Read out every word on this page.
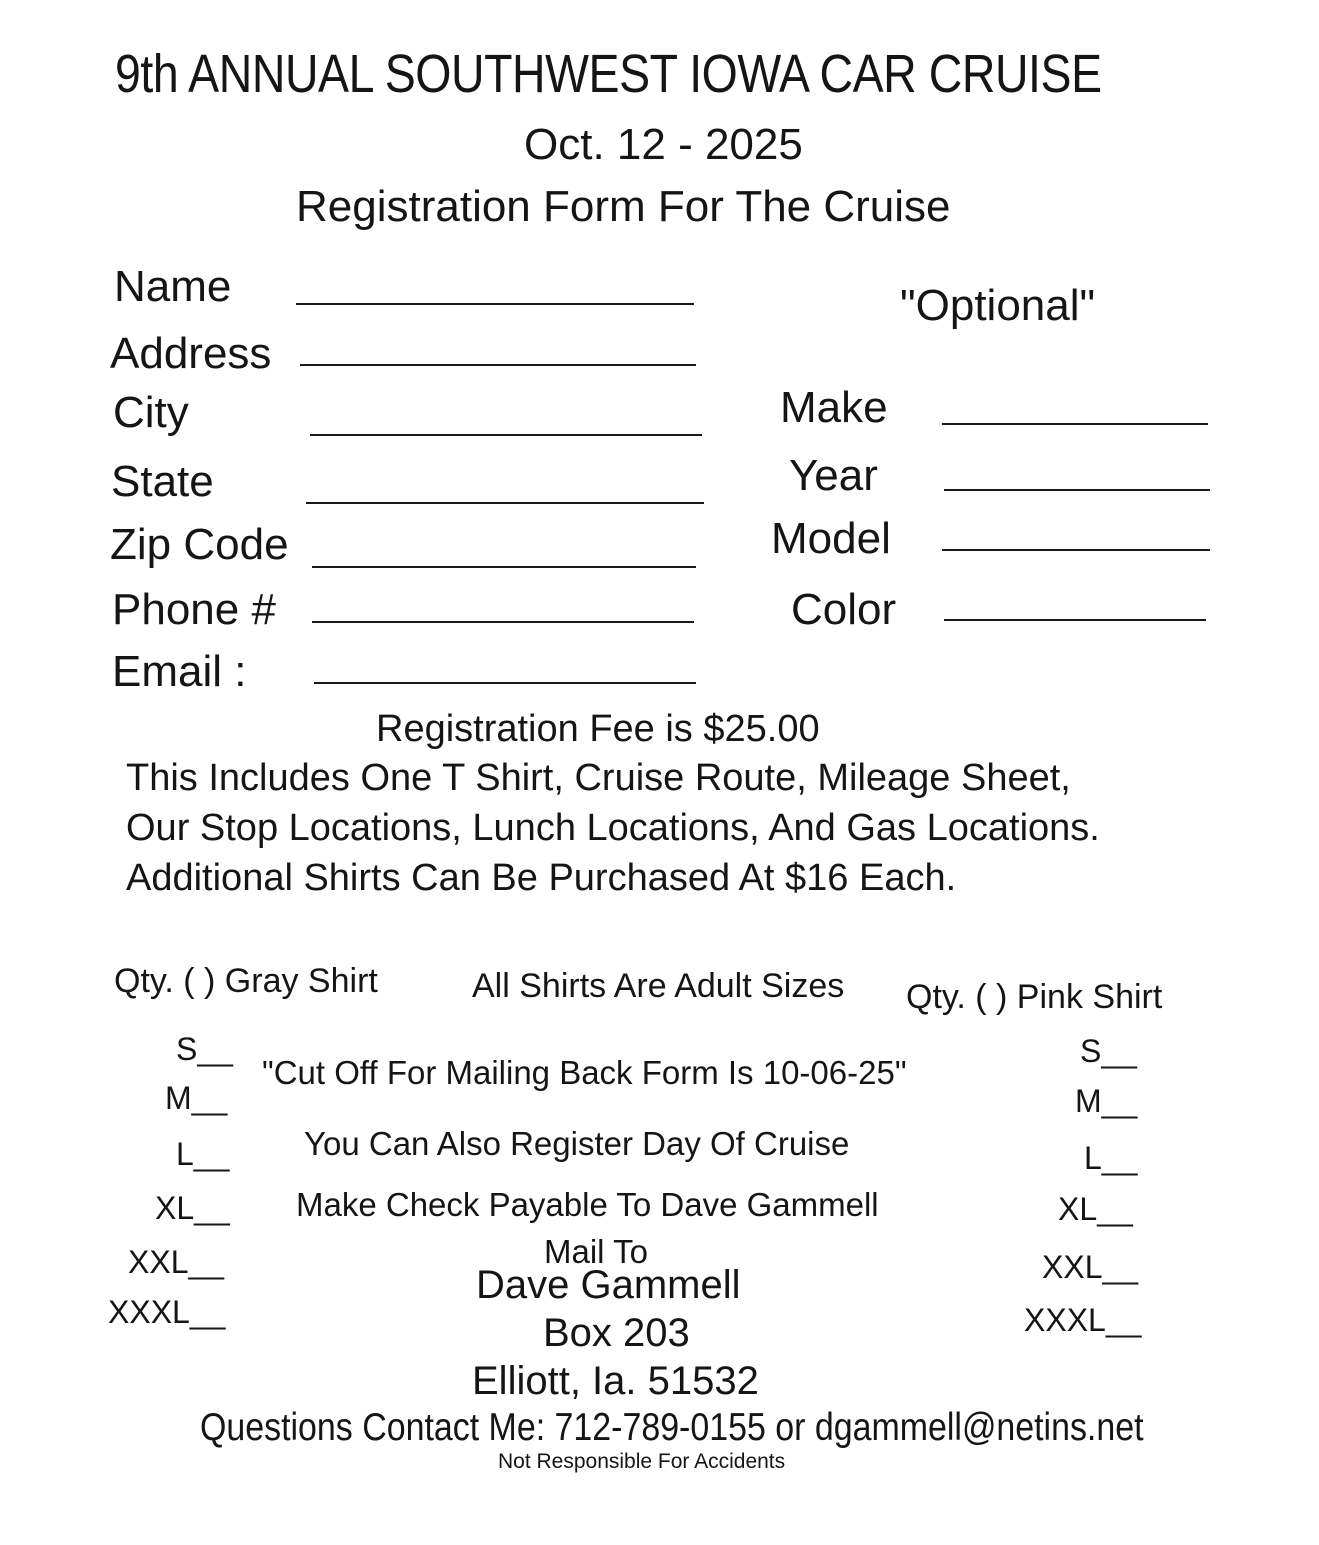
9th ANNUAL SOUTHWEST IOWA CAR CRUISE
Oct. 12 - 2025
Registration Form For The Cruise
Name
Address
City
State
Zip Code
Phone #
Email :
"Optional"
Make
Year
Model
Color
Registration Fee is $25.00
This Includes One T Shirt, Cruise Route, Mileage Sheet,
Our Stop Locations, Lunch Locations, And Gas Locations.
Additional Shirts Can Be Purchased At $16 Each.
Qty. ( ) Gray Shirt	All Shirts Are Adult Sizes Qty. ( ) Pink Shirt
S__
M__
L__
XL__
XXL__
XXXL__
S__
M__
L__
XL__
XXL__
XXXL__
"Cut Off For Mailing Back Form Is 10-06-25"
You Can Also Register Day Of Cruise
Make Check Payable To Dave Gammell
Mail To
Dave Gammell
Box 203
Elliott, Ia. 51532
Questions Contact Me: 712-789-0155 or dgammell@netins.net
Not Responsible For Accidents
